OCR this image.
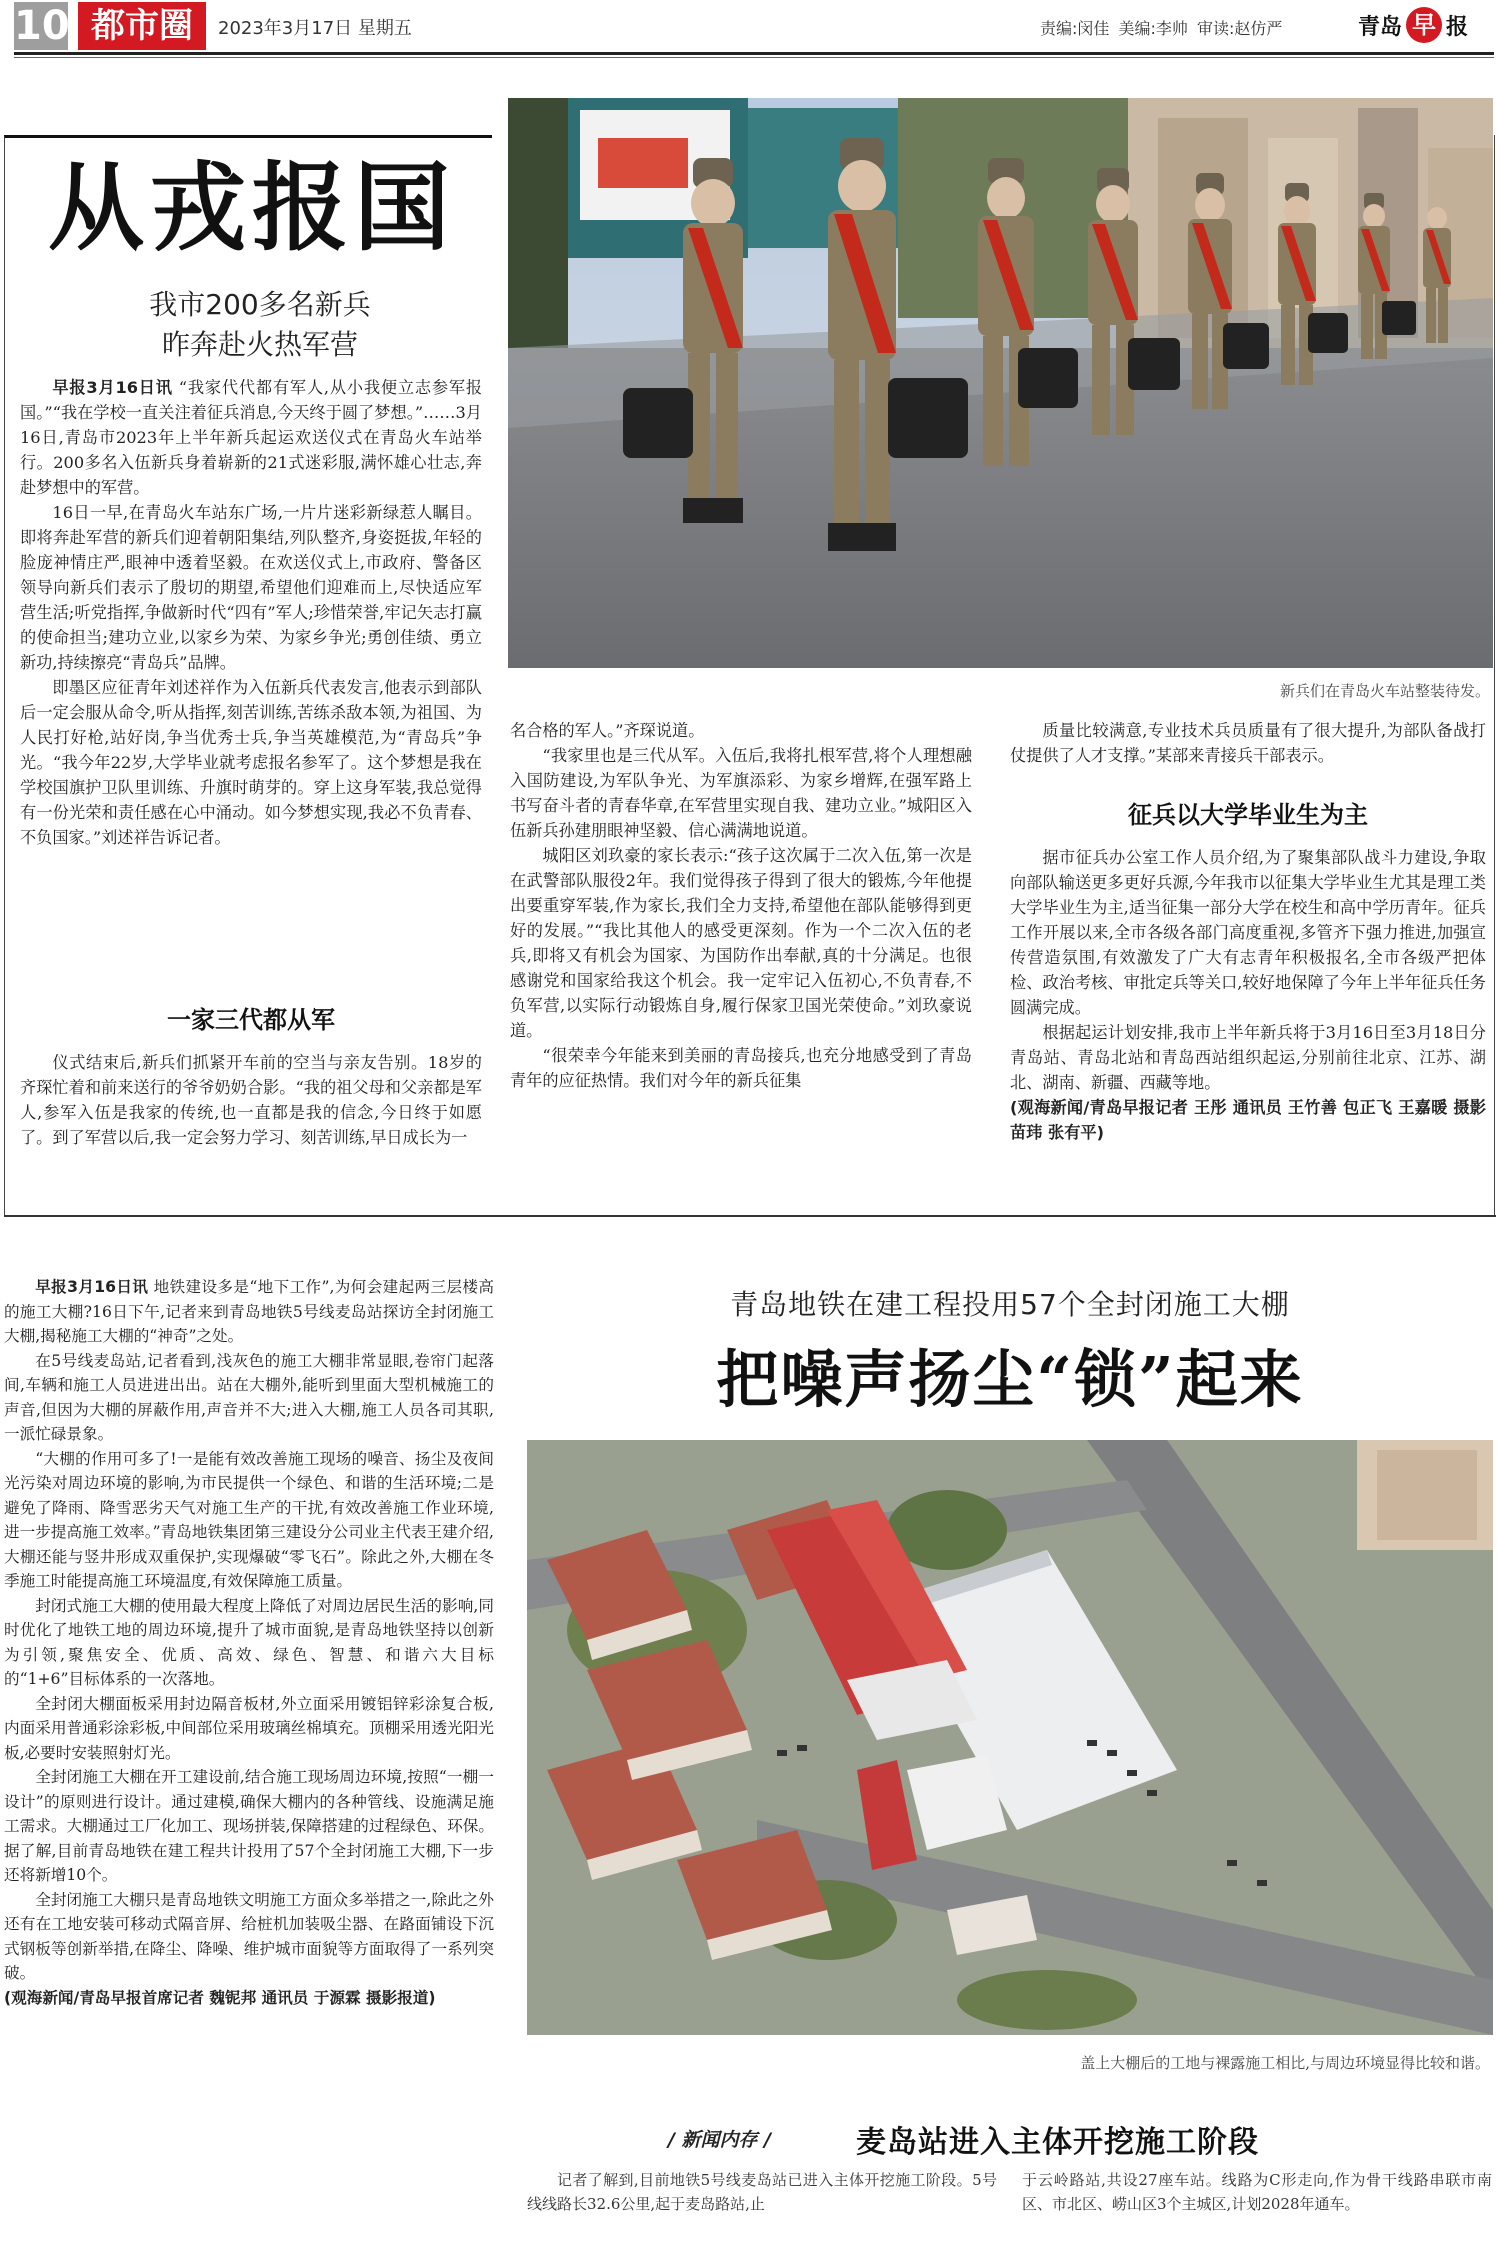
10 都市圈	2023年3月17日 星期五	责编:闵佳 美编:李帅 审读:赵仿严	青岛 早 报
从戎报国
我市200多名新兵
昨奔赴火热军营
新兵们在青岛火车站整装待发。

早报3月16日讯 “我家代代都有军人,从小我便立志参军报国。”“我在学校一直关注着征兵消息,今天终于圆了梦想。”……3月16日,青岛市2023年上半年新兵起运欢送仪式在青岛火车站举行。200多名入伍新兵身着崭新的21式迷彩服,满怀雄心壮志,奔赴梦想中的军营。

16日一早,在青岛火车站东广场,一片片迷彩新绿惹人瞩目。即将奔赴军营的新兵们迎着朝阳集结,列队整齐,身姿挺拔,年轻的脸庞神情庄严,眼神中透着坚毅。在欢送仪式上,市政府、警备区领导向新兵们表示了殷切的期望,希望他们迎难而上,尽快适应军营生活;听党指挥,争做新时代“四有”军人;珍惜荣誉,牢记矢志打赢的使命担当;建功立业,以家乡为荣、为家乡争光;勇创佳绩、勇立新功,持续擦亮“青岛兵”品牌。

即墨区应征青年刘述祥作为入伍新兵代表发言,他表示到部队后一定会服从命令,听从指挥,刻苦训练,苦练杀敌本领,为祖国、为人民打好枪,站好岗,争当优秀士兵,争当英雄模范,为“青岛兵”争光。“我今年22岁,大学毕业就考虑报名参军了。这个梦想是我在学校国旗护卫队里训练、升旗时萌芽的。穿上这身军装,我总觉得有一份光荣和责任感在心中涌动。如今梦想实现,我必不负青春、不负国家。”刘述祥告诉记者。

一家三代都从军

仪式结束后,新兵们抓紧开车前的空当与亲友告别。18岁的齐琛忙着和前来送行的爷爷奶奶合影。“我的祖父母和父亲都是军人,参军入伍是我家的传统,也一直都是我的信念,今日终于如愿了。到了军营以后,我一定会努力学习、刻苦训练,早日成长为一

名合格的军人。”齐琛说道。

“我家里也是三代从军。入伍后,我将扎根军营,将个人理想融入国防建设,为军队争光、为军旗添彩、为家乡增辉,在强军路上书写奋斗者的青春华章,在军营里实现自我、建功立业。”城阳区入伍新兵孙建朋眼神坚毅、信心满满地说道。

城阳区刘玖豪的家长表示:“孩子这次属于二次入伍,第一次是在武警部队服役2年。我们觉得孩子得到了很大的锻炼,今年他提出要重穿军装,作为家长,我们全力支持,希望他在部队能够得到更好的发展。”“我比其他人的感受更深刻。作为一个二次入伍的老兵,即将又有机会为国家、为国防作出奉献,真的十分满足。也很感谢党和国家给我这个机会。我一定牢记入伍初心,不负青春,不负军营,以实际行动锻炼自身,履行保家卫国光荣使命。”刘玖豪说道。

“很荣幸今年能来到美丽的青岛接兵,也充分地感受到了青岛青年的应征热情。我们对今年的新兵征集

质量比较满意,专业技术兵员质量有了很大提升,为部队备战打仗提供了人才支撑。”某部来青接兵干部表示。

征兵以大学毕业生为主

据市征兵办公室工作人员介绍,为了聚集部队战斗力建设,争取向部队输送更多更好兵源,今年我市以征集大学毕业生尤其是理工类大学毕业生为主,适当征集一部分大学在校生和高中学历青年。征兵工作开展以来,全市各级各部门高度重视,多管齐下强力推进,加强宣传营造氛围,有效激发了广大有志青年积极报名,全市各级严把体检、政治考核、审批定兵等关口,较好地保障了今年上半年征兵任务圆满完成。

根据起运计划安排,我市上半年新兵将于3月16日至3月18日分青岛站、青岛北站和青岛西站组织起运,分别前往北京、江苏、湖北、湖南、新疆、西藏等地。

(观海新闻/青岛早报记者 王彤 通讯员 王竹善 包正飞 王嘉暖 摄影 苗玮 张有平)

青岛地铁在建工程投用57个全封闭施工大棚
把噪声扬尘“锁”起来

早报3月16日讯 地铁建设多是“地下工作”,为何会建起两三层楼高的施工大棚?16日下午,记者来到青岛地铁5号线麦岛站探访全封闭施工大棚,揭秘施工大棚的“神奇”之处。

在5号线麦岛站,记者看到,浅灰色的施工大棚非常显眼,卷帘门起落间,车辆和施工人员进进出出。站在大棚外,能听到里面大型机械施工的声音,但因为大棚的屏蔽作用,声音并不大;进入大棚,施工人员各司其职,一派忙碌景象。

“大棚的作用可多了!一是能有效改善施工现场的噪音、扬尘及夜间光污染对周边环境的影响,为市民提供一个绿色、和谐的生活环境;二是避免了降雨、降雪恶劣天气对施工生产的干扰,有效改善施工作业环境,进一步提高施工效率。”青岛地铁集团第三建设分公司业主代表王建介绍,大棚还能与竖井形成双重保护,实现爆破“零飞石”。除此之外,大棚在冬季施工时能提高施工环境温度,有效保障施工质量。

封闭式施工大棚的使用最大程度上降低了对周边居民生活的影响,同时优化了地铁工地的周边环境,提升了城市面貌,是青岛地铁坚持以创新为引领,聚焦安全、优质、高效、绿色、智慧、和谐六大目标的“1+6”目标体系的一次落地。

全封闭大棚面板采用封边隔音板材,外立面采用镀铝锌彩涂复合板,内面采用普通彩涂彩板,中间部位采用玻璃丝棉填充。顶棚采用透光阳光板,必要时安装照射灯光。

全封闭施工大棚在开工建设前,结合施工现场周边环境,按照“一棚一设计”的原则进行设计。通过建模,确保大棚内的各种管线、设施满足施工需求。大棚通过工厂化加工、现场拼装,保障搭建的过程绿色、环保。据了解,目前青岛地铁在建工程共计投用了57个全封闭施工大棚,下一步还将新增10个。

全封闭施工大棚只是青岛地铁文明施工方面众多举措之一,除此之外还有在工地安装可移动式隔音屏、给桩机加装吸尘器、在路面铺设下沉式钢板等创新举措,在降尘、降噪、维护城市面貌等方面取得了一系列突破。

(观海新闻/青岛早报首席记者 魏铌邦 通讯员 于源霖 摄影报道)

盖上大棚后的工地与裸露施工相比,与周边环境显得比较和谐。
/ 新闻内存 /	麦岛站进入主体开挖施工阶段

记者了解到,目前地铁5号线麦岛站已进入主体开挖施工阶段。5号线线路长32.6公里,起于麦岛路站,止

于云岭路站,共设27座车站。线路为C形走向,作为骨干线路串联市南区、市北区、崂山区3个主城区,计划2028年通车。
